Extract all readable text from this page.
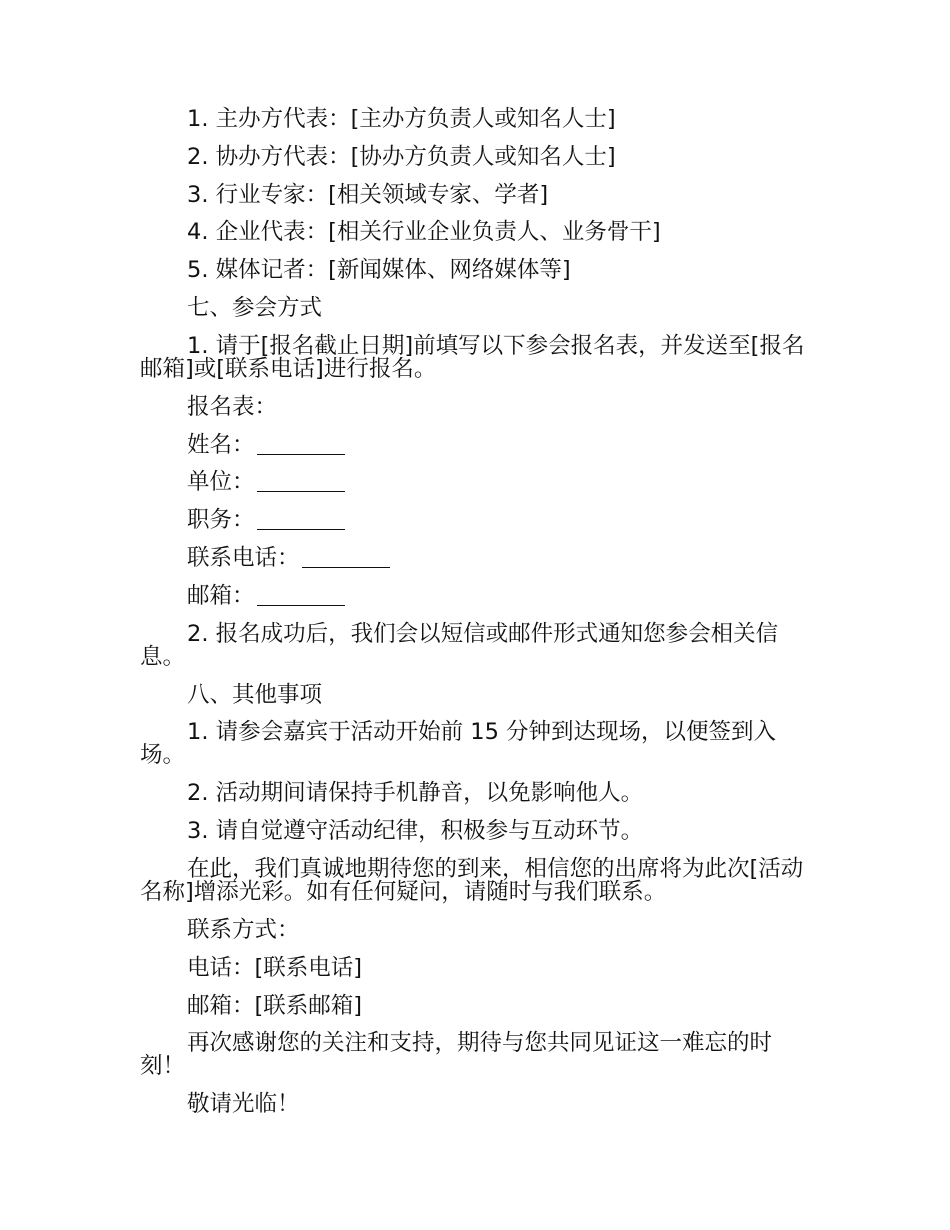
1. 主办方代表：[主办方负责人或知名人士]
2. 协办方代表：[协办方负责人或知名人士]
3. 行业专家：[相关领域专家、学者]
4. 企业代表：[相关行业企业负责人、业务骨干]
5. 媒体记者：[新闻媒体、网络媒体等]
七、参会方式
1. 请于[报名截止日期]前填写以下参会报名表，并发送至[报名邮箱]或[联系电话]进行报名。
报名表：
姓名：
单位：
职务：
联系电话：
邮箱：
2. 报名成功后，我们会以短信或邮件形式通知您参会相关信息。
八、其他事项
1. 请参会嘉宾于活动开始前 15 分钟到达现场，以便签到入场。
2. 活动期间请保持手机静音，以免影响他人。
3. 请自觉遵守活动纪律，积极参与互动环节。
在此，我们真诚地期待您的到来，相信您的出席将为此次[活动名称]增添光彩。如有任何疑问，请随时与我们联系。
联系方式：
电话：[联系电话]
邮箱：[联系邮箱]
再次感谢您的关注和支持，期待与您共同见证这一难忘的时刻！
敬请光临！
